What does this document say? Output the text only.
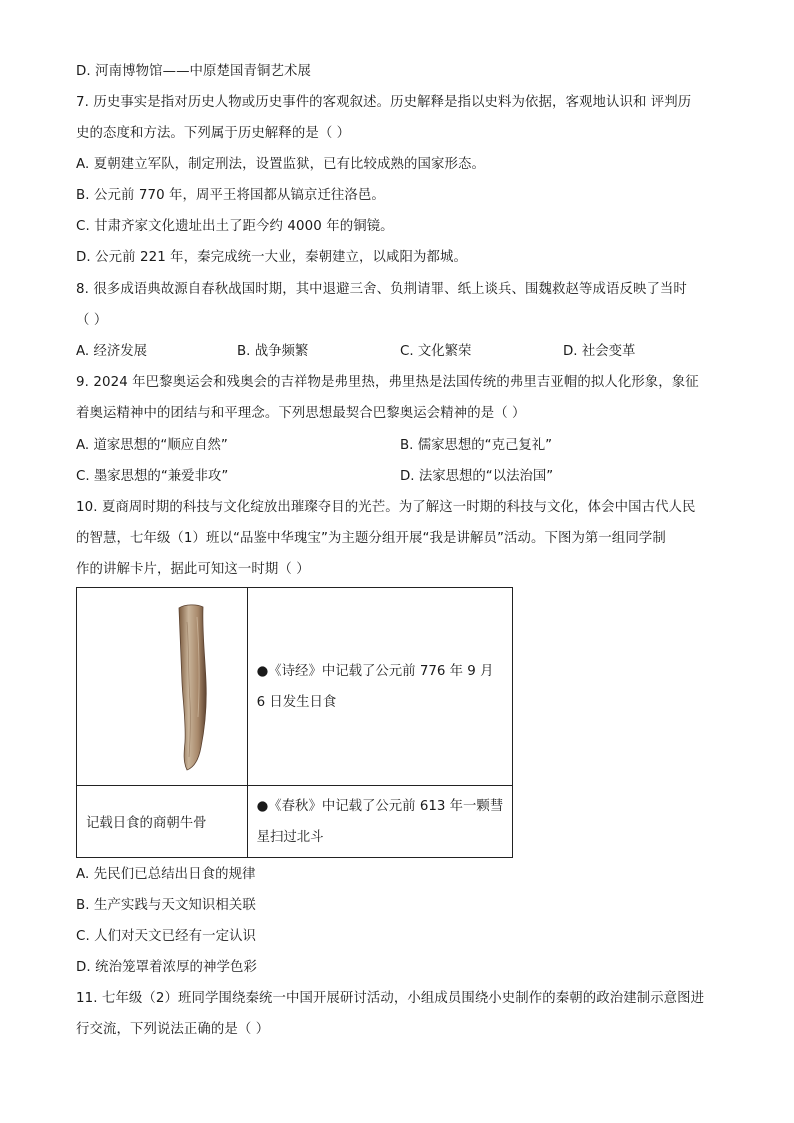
D. 河南博物馆——中原楚国青铜艺术展
7. 历史事实是指对历史人物或历史事件的客观叙述。历史解释是指以史料为依据，客观地认识和 评判历
史的态度和方法。下列属于历史解释的是（ ）
A. 夏朝建立军队，制定刑法，设置监狱，已有比较成熟的国家形态。
B. 公元前 770 年，周平王将国都从镐京迁往洛邑。
C. 甘肃齐家文化遗址出土了距今约 4000 年的铜镜。
D. 公元前 221 年，秦完成统一大业，秦朝建立，以咸阳为都城。
8. 很多成语典故源自春秋战国时期，其中退避三舍、负荆请罪、纸上谈兵、围魏救赵等成语反映了当时
（ ）
A. 经济发展	B. 战争频繁	C. 文化繁荣	D. 社会变革
9. 2024 年巴黎奥运会和残奥会的吉祥物是弗里热，弗里热是法国传统的弗里吉亚帽的拟人化形象，象征
着奥运精神中的团结与和平理念。下列思想最契合巴黎奥运会精神的是（ ）
A. 道家思想的“顺应自然”	B. 儒家思想的“克己复礼”
C. 墨家思想的“兼爱非攻”	D. 法家思想的“以法治国”
10. 夏商周时期的科技与文化绽放出璀璨夺目的光芒。为了解这一时期的科技与文化，体会中国古代人民
的智慧，七年级（1）班以“品鉴中华瑰宝”为主题分组开展“我是讲解员”活动。下图为第一组同学制
作的讲解卡片，据此可知这一时期（ ）

●《诗经》中记载了公元前 776 年 9 月 6 日发生日食

记载日食的商朝牛骨	●《春秋》中记载了公元前 613 年一颗彗星扫过北斗
A. 先民们已总结出日食的规律
B. 生产实践与天文知识相关联
C. 人们对天文已经有一定认识
D. 统治笼罩着浓厚的神学色彩
11. 七年级（2）班同学围绕秦统一中国开展研讨活动，小组成员围绕小史制作的秦朝的政治建制示意图进
行交流，下列说法正确的是（ ）
